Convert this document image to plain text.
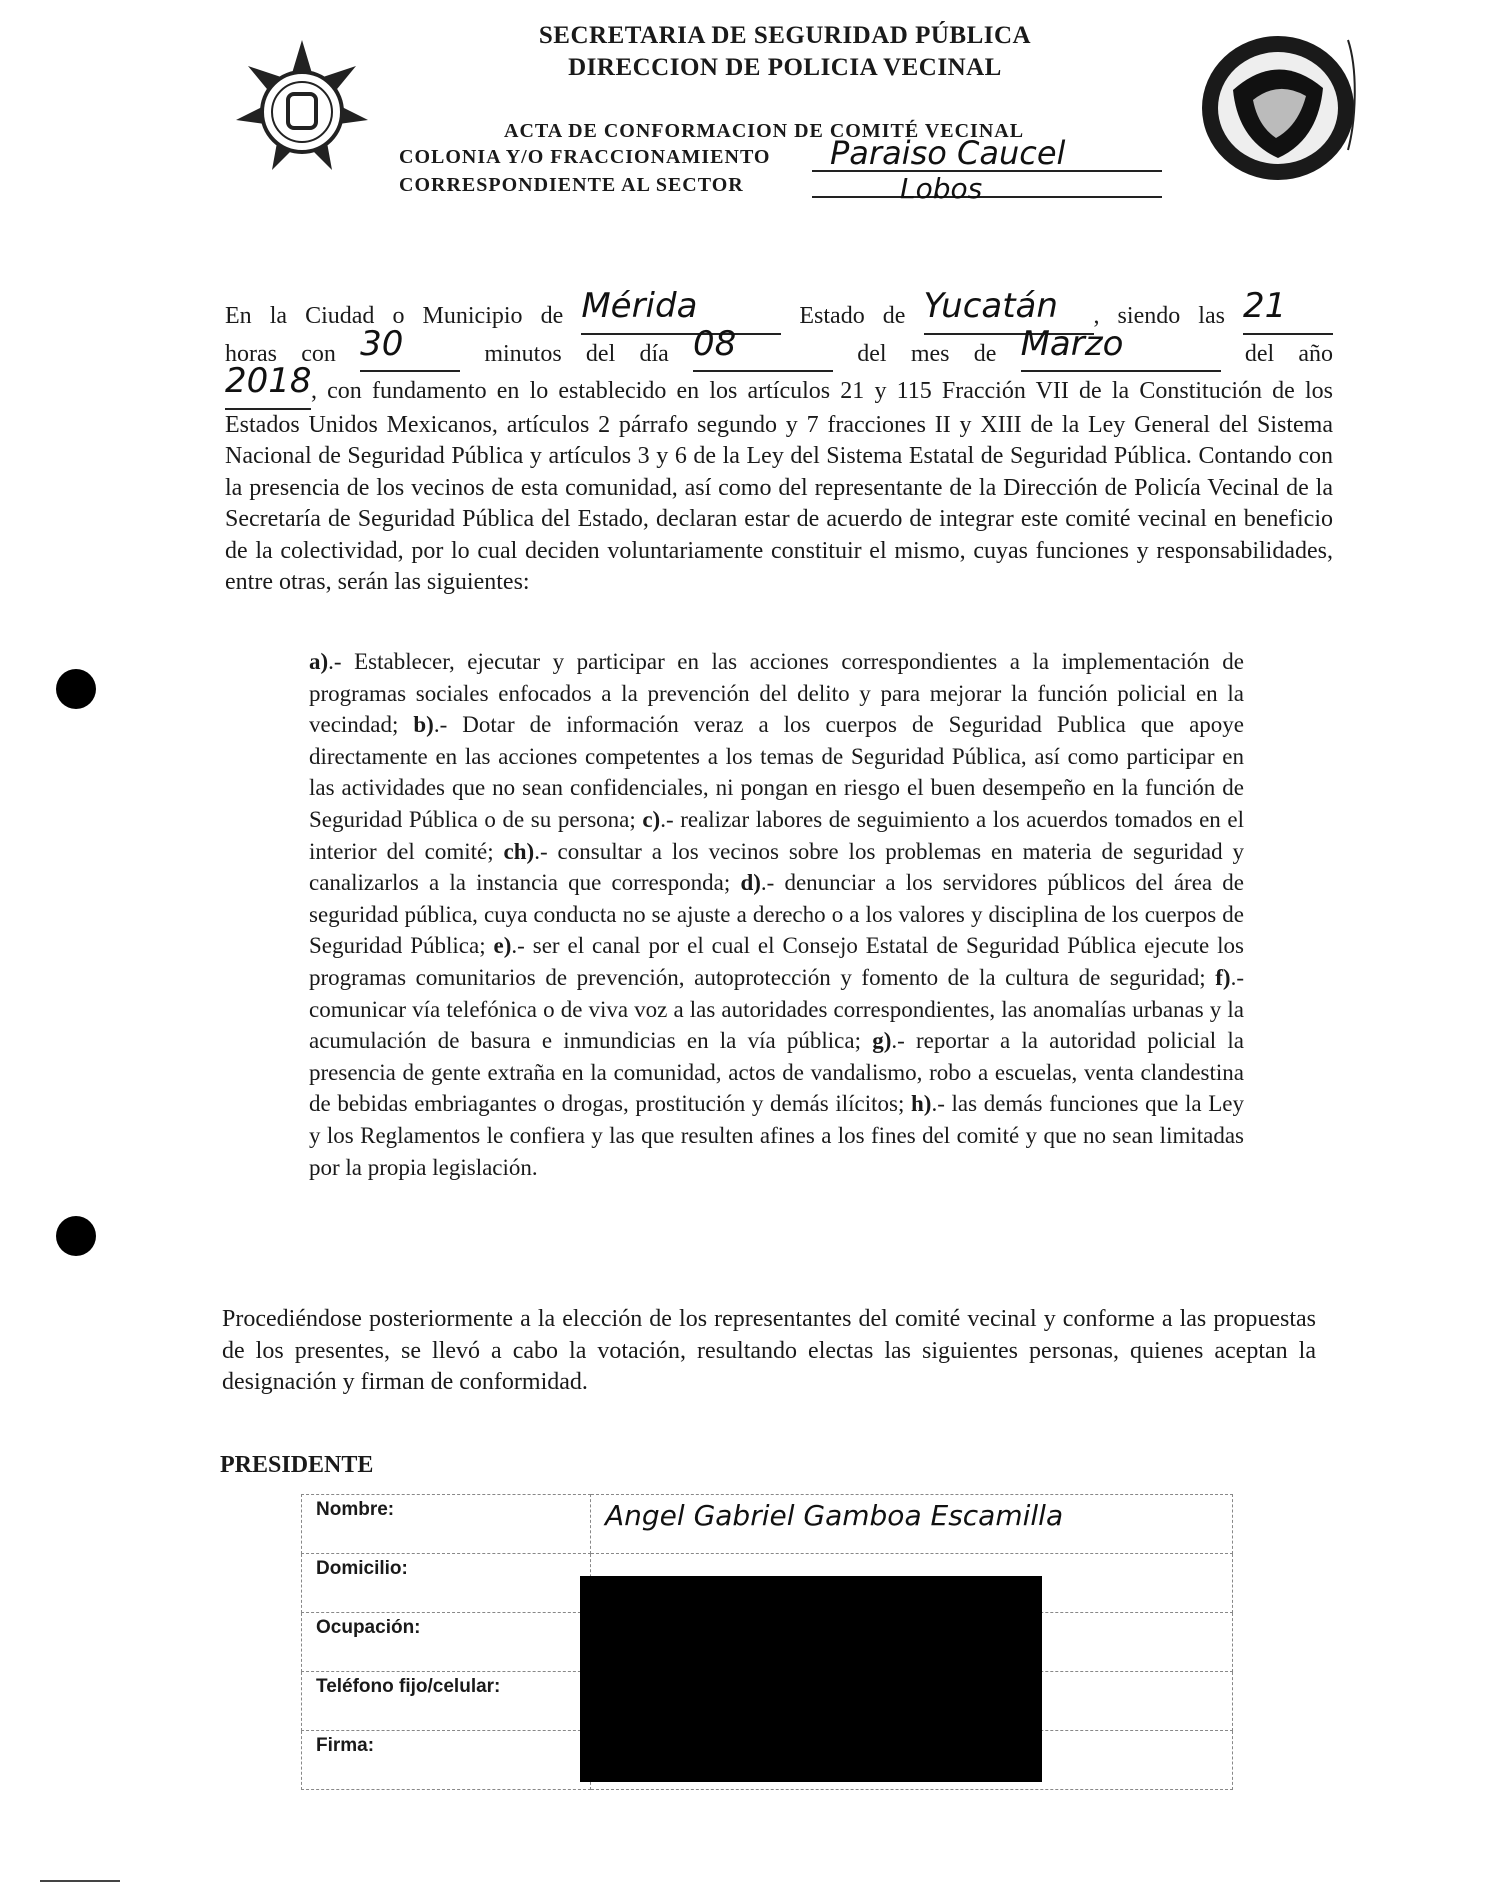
SECRETARIA DE SEGURIDAD PÚBLICA
DIRECCION DE POLICIA VECINAL
ACTA DE CONFORMACION DE COMITÉ VECINAL
COLONIA Y/O FRACCIONAMIENTO Paraiso Caucel
CORRESPONDIENTE AL SECTOR	Lobos

En la Ciudad o Municipio de Mérida	Estado de Yucatán , siendo las 21

horas con 30	minutos del día 08	del mes de Marzo	del año

2018, con fundamento en lo establecido en los artículos 21 y 115 Fracción VII de la Constitución de los Estados Unidos Mexicanos, artículos 2 párrafo segundo y 7 fracciones II y XIII de la Ley General del Sistema Nacional de Seguridad Pública y artículos 3 y 6 de la Ley del Sistema Estatal de Seguridad Pública. Contando con la presencia de los vecinos de esta comunidad, así como del representante de la Dirección de Policía Vecinal de la Secretaría de Seguridad Pública del Estado, declaran estar de acuerdo de integrar este comité vecinal en beneficio de la colectividad, por lo cual deciden voluntariamente constituir el mismo, cuyas funciones y responsabilidades, entre otras, serán las siguientes:

a).- Establecer, ejecutar y participar en las acciones correspondientes a la implementación de programas sociales enfocados a la prevención del delito y para mejorar la función policial en la vecindad; b).- Dotar de información veraz a los cuerpos de Seguridad Publica que apoye directamente en las acciones competentes a los temas de Seguridad Pública, así como participar en las actividades que no sean confidenciales, ni pongan en riesgo el buen desempeño en la función de Seguridad Pública o de su persona; c).- realizar labores de seguimiento a los acuerdos tomados en el interior del comité; ch).- consultar a los vecinos sobre los problemas en materia de seguridad y canalizarlos a la instancia que corresponda; d).- denunciar a los servidores públicos del área de seguridad pública, cuya conducta no se ajuste a derecho o a los valores y disciplina de los cuerpos de Seguridad Pública; e).- ser el canal por el cual el Consejo Estatal de Seguridad Pública ejecute los programas comunitarios de prevención, autoprotección y fomento de la cultura de seguridad; f).- comunicar vía telefónica o de viva voz a las autoridades correspondientes, las anomalías urbanas y la acumulación de basura e inmundicias en la vía pública; g).- reportar a la autoridad policial la presencia de gente extraña en la comunidad, actos de vandalismo, robo a escuelas, venta clandestina de bebidas embriagantes o drogas, prostitución y demás ilícitos; h).- las demás funciones que la Ley y los Reglamentos le confiera y las que resulten afines a los fines del comité y que no sean limitadas por la propia legislación.
Procediéndose posteriormente a la elección de los representantes del comité vecinal y conforme a las propuestas de los presentes, se llevó a cabo la votación, resultando electas las siguientes personas, quienes aceptan la designación y firman de conformidad.
PRESIDENTE
Nombre:	Angel Gabriel Gamboa Escamilla
Domicilio:	
Ocupación:	
Teléfono fijo/celular:	
Firma:	
